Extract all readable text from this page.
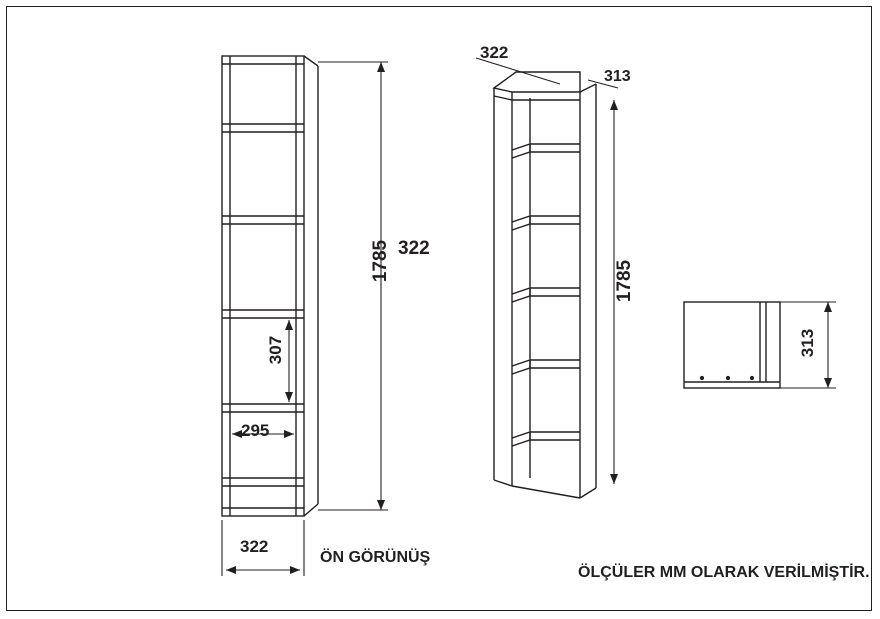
322
1785
307
295
322
ÖN GÖRÜNÜŞ
322
313
1785
313
ÖLÇÜLER MM OLARAK VERİLMİŞTİR.
